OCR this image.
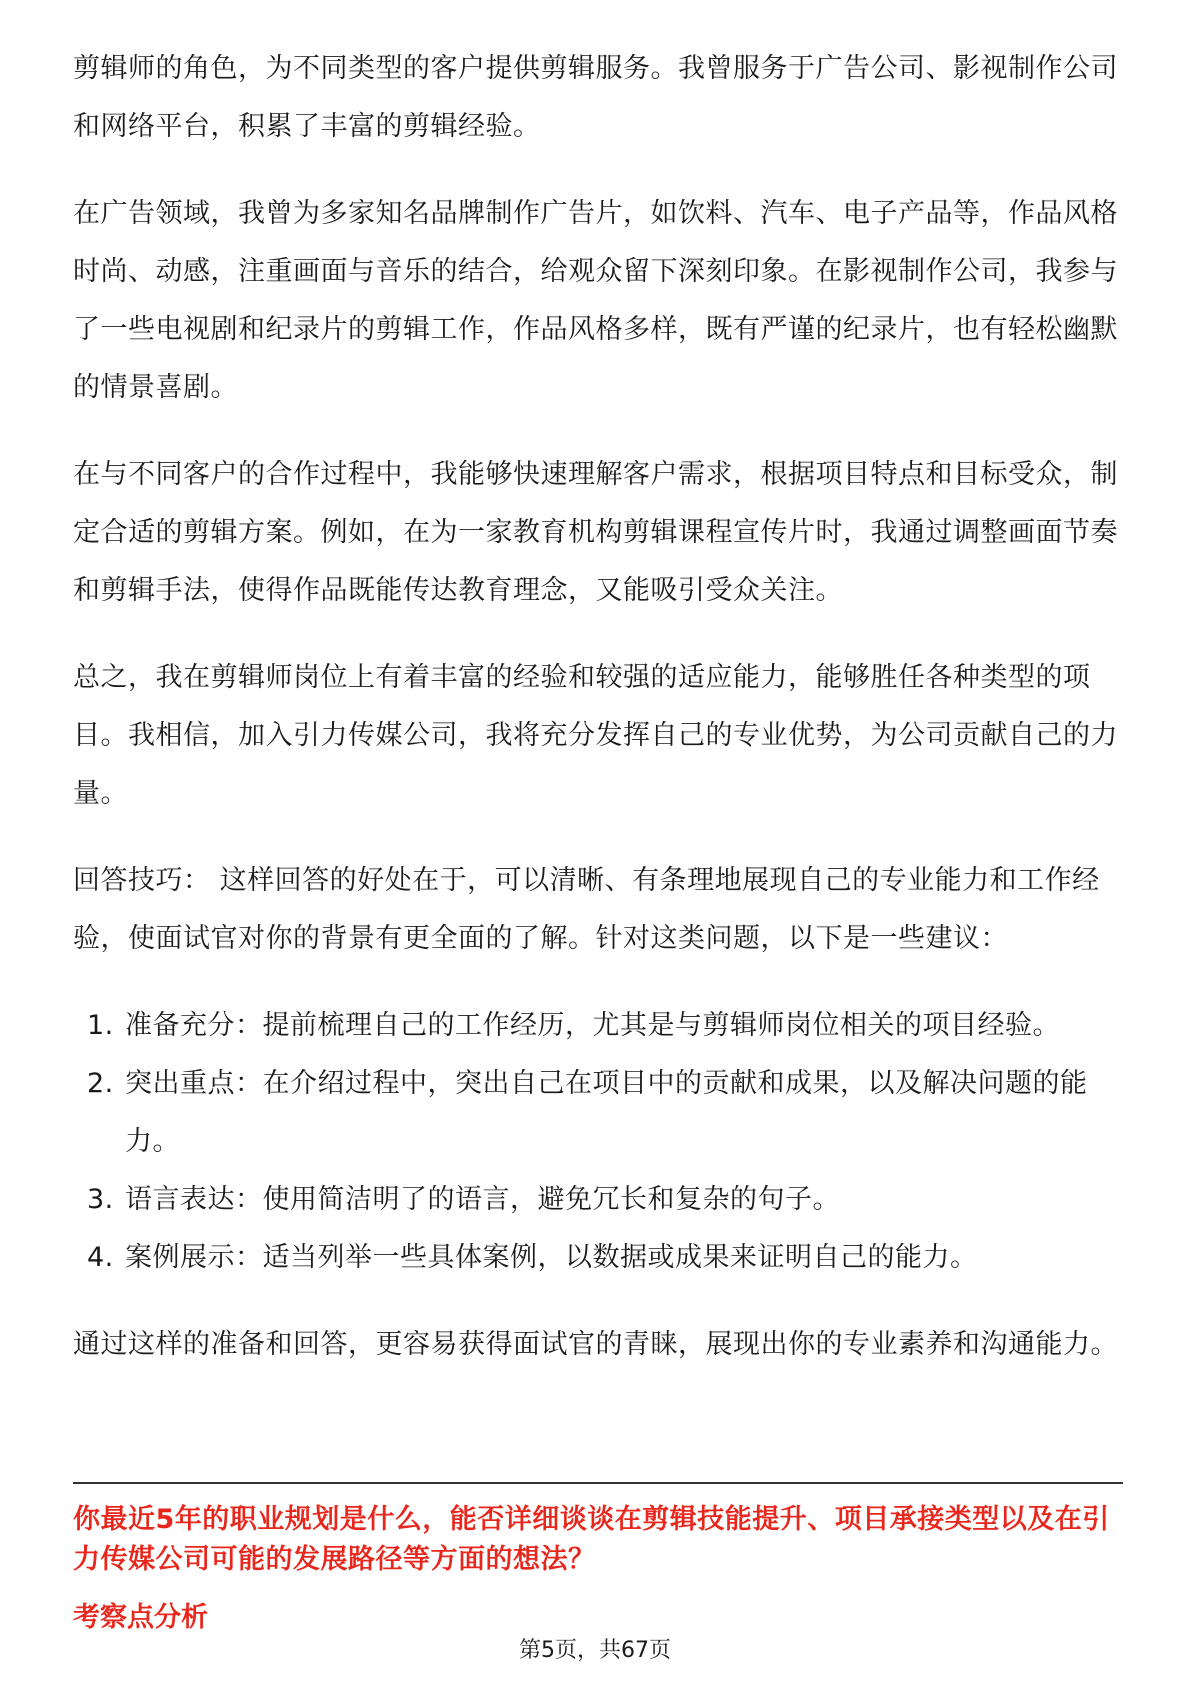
剪辑师的角色，为不同类型的客户提供剪辑服务。我曾服务于广告公司、影视制作公司和网络平台，积累了丰富的剪辑经验。

在广告领域，我曾为多家知名品牌制作广告片，如饮料、汽车、电子产品等，作品风格时尚、动感，注重画面与音乐的结合，给观众留下深刻印象。在影视制作公司，我参与了一些电视剧和纪录片的剪辑工作，作品风格多样，既有严谨的纪录片，也有轻松幽默的情景喜剧。

在与不同客户的合作过程中，我能够快速理解客户需求，根据项目特点和目标受众，制定合适的剪辑方案。例如，在为一家教育机构剪辑课程宣传片时，我通过调整画面节奏和剪辑手法，使得作品既能传达教育理念，又能吸引受众关注。

总之，我在剪辑师岗位上有着丰富的经验和较强的适应能力，能够胜任各种类型的项目。我相信，加入引力传媒公司，我将充分发挥自己的专业优势，为公司贡献自己的力量。

回答技巧： 这样回答的好处在于，可以清晰、有条理地展现自己的专业能力和工作经验，使面试官对你的背景有更全面的了解。针对这类问题，以下是一些建议：

1. 准备充分：提前梳理自己的工作经历，尤其是与剪辑师岗位相关的项目经验。
2. 突出重点：在介绍过程中，突出自己在项目中的贡献和成果，以及解决问题的能力。
3. 语言表达：使用简洁明了的语言，避免冗长和复杂的句子。
4. 案例展示：适当列举一些具体案例，以数据或成果来证明自己的能力。

通过这样的准备和回答，更容易获得面试官的青睐，展现出你的专业素养和沟通能力。

你最近5年的职业规划是什么，能否详细谈谈在剪辑技能提升、项目承接类型以及在引力传媒公司可能的发展路径等方面的想法？
考察点分析
第5页，共67页
